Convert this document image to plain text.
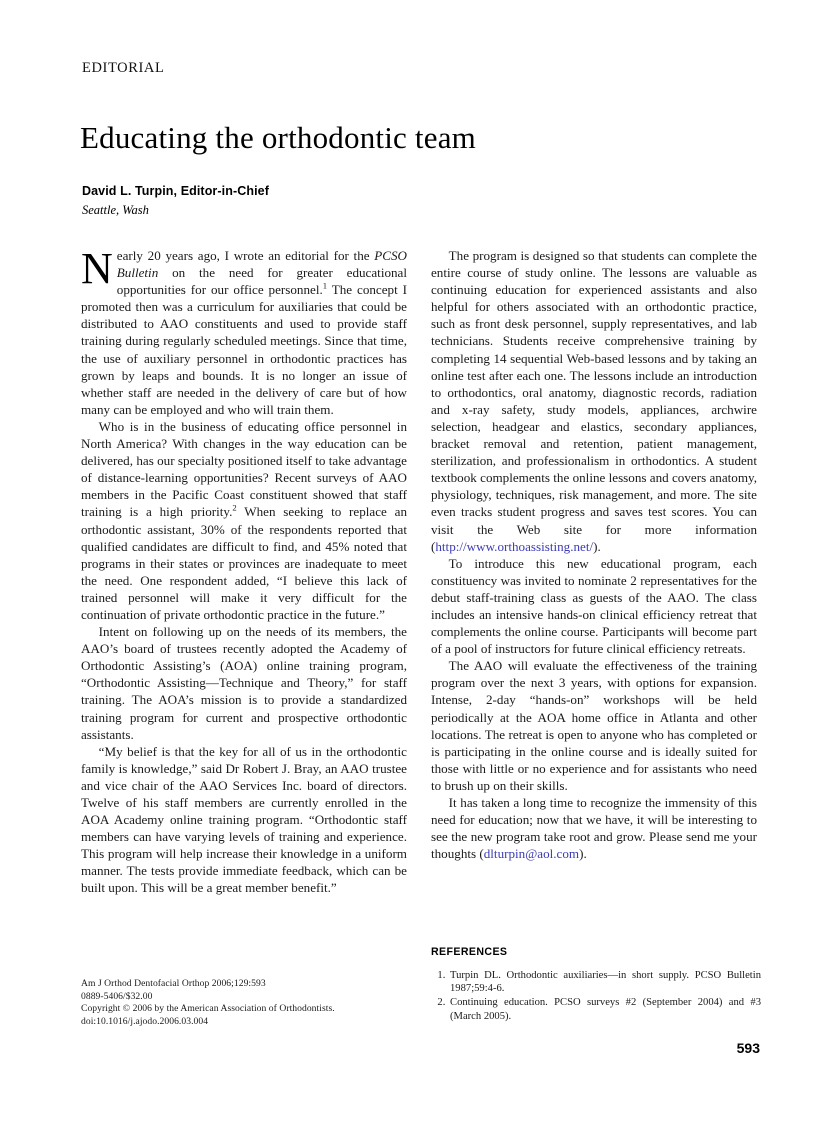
EDITORIAL
Educating the orthodontic team
David L. Turpin, Editor-in-Chief
Seattle, Wash

Nearly 20 years ago, I wrote an editorial for the PCSO Bulletin on the need for greater educational opportunities for our office personnel.$^1$ The concept I promoted then was a curriculum for auxiliaries that could be distributed to AAO constituents and used to provide staff training during regularly scheduled meetings. Since that time, the use of auxiliary personnel in orthodontic practices has grown by leaps and bounds. It is no longer an issue of whether staff are needed in the delivery of care but of how many can be employed and who will train them.

Who is in the business of educating office personnel in North America? With changes in the way education can be delivered, has our specialty positioned itself to take advantage of distance-learning opportunities? Recent surveys of AAO members in the Pacific Coast constituent showed that staff training is a high priority.$^2$ When seeking to replace an orthodontic assistant, 30% of the respondents reported that qualified candidates are difficult to find, and 45% noted that programs in their states or provinces are inadequate to meet the need. One respondent added, “I believe this lack of trained personnel will make it very difficult for the continuation of private orthodontic practice in the future.”

Intent on following up on the needs of its members, the AAO’s board of trustees recently adopted the Academy of Orthodontic Assisting’s (AOA) online training program, “Orthodontic Assisting—Technique and Theory,” for staff training. The AOA’s mission is to provide a standardized training program for current and prospective orthodontic assistants.

“My belief is that the key for all of us in the orthodontic family is knowledge,” said Dr Robert J. Bray, an AAO trustee and vice chair of the AAO Services Inc. board of directors. Twelve of his staff members are currently enrolled in the AOA Academy online training program. “Orthodontic staff members can have varying levels of training and experience. This program will help increase their knowledge in a uniform manner. The tests provide immediate feedback, which can be built upon. This will be a great member benefit.”

Am J Orthod Dentofacial Orthop 2006;129:593
0889-5406/$32.00
Copyright © 2006 by the American Association of Orthodontists.
doi:10.1016/j.ajodo.2006.03.004

The program is designed so that students can complete the entire course of study online. The lessons are valuable as continuing education for experienced assistants and also helpful for others associated with an orthodontic practice, such as front desk personnel, supply representatives, and lab technicians. Students receive comprehensive training by completing 14 sequential Web-based lessons and by taking an online test after each one. The lessons include an introduction to orthodontics, oral anatomy, diagnostic records, radiation and x-ray safety, study models, appliances, archwire selection, headgear and elastics, secondary appliances, bracket removal and retention, patient management, sterilization, and professionalism in orthodontics. A student textbook complements the online lessons and covers anatomy, physiology, techniques, risk management, and more. The site even tracks student progress and saves test scores. You can visit the Web site for more information (http://www.orthoassisting.net/).

To introduce this new educational program, each constituency was invited to nominate 2 representatives for the debut staff-training class as guests of the AAO. The class includes an intensive hands-on clinical efficiency retreat that complements the online course. Participants will become part of a pool of instructors for future clinical efficiency retreats.

The AAO will evaluate the effectiveness of the training program over the next 3 years, with options for expansion. Intense, 2-day “hands-on” workshops will be held periodically at the AOA home office in Atlanta and other locations. The retreat is open to anyone who has completed or is participating in the online course and is ideally suited for those with little or no experience and for assistants who need to brush up on their skills.

It has taken a long time to recognize the immensity of this need for education; now that we have, it will be interesting to see the new program take root and grow. Please send me your thoughts (dlturpin@aol.com).

REFERENCES
1. Turpin DL. Orthodontic auxiliaries—in short supply. PCSO Bulletin 1987;59:4-6.
2. Continuing education. PCSO surveys #2 (September 2004) and #3 (March 2005).
593
